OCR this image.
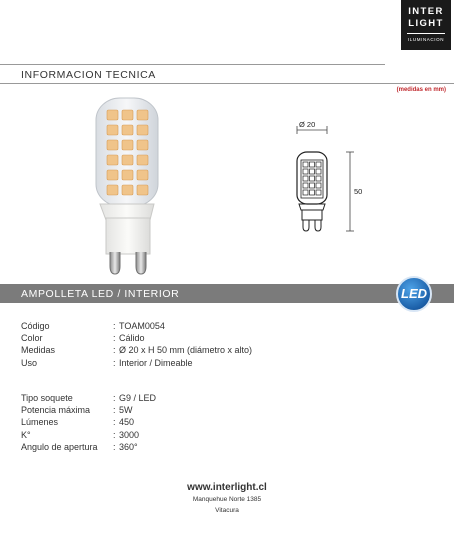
INTER
LIGHT
ILUMINACION
INFORMACION TECNICA
(medidas en mm)
Ø 20
50
AMPOLLETA LED / INTERIOR	LED
Código	: TOAM0054
Color	: Cálido
Medidas	: Ø 20 x H 50 mm (diámetro x alto)
Uso	: Interior / Dimeable
Tipo soquete	: G9 / LED
Potencia máxima	: 5W
Lúmenes	: 450
K°	: 3000
Angulo de apertura : 360°
www.interlight.cl
Manquehue Norte 1385
Vitacura
